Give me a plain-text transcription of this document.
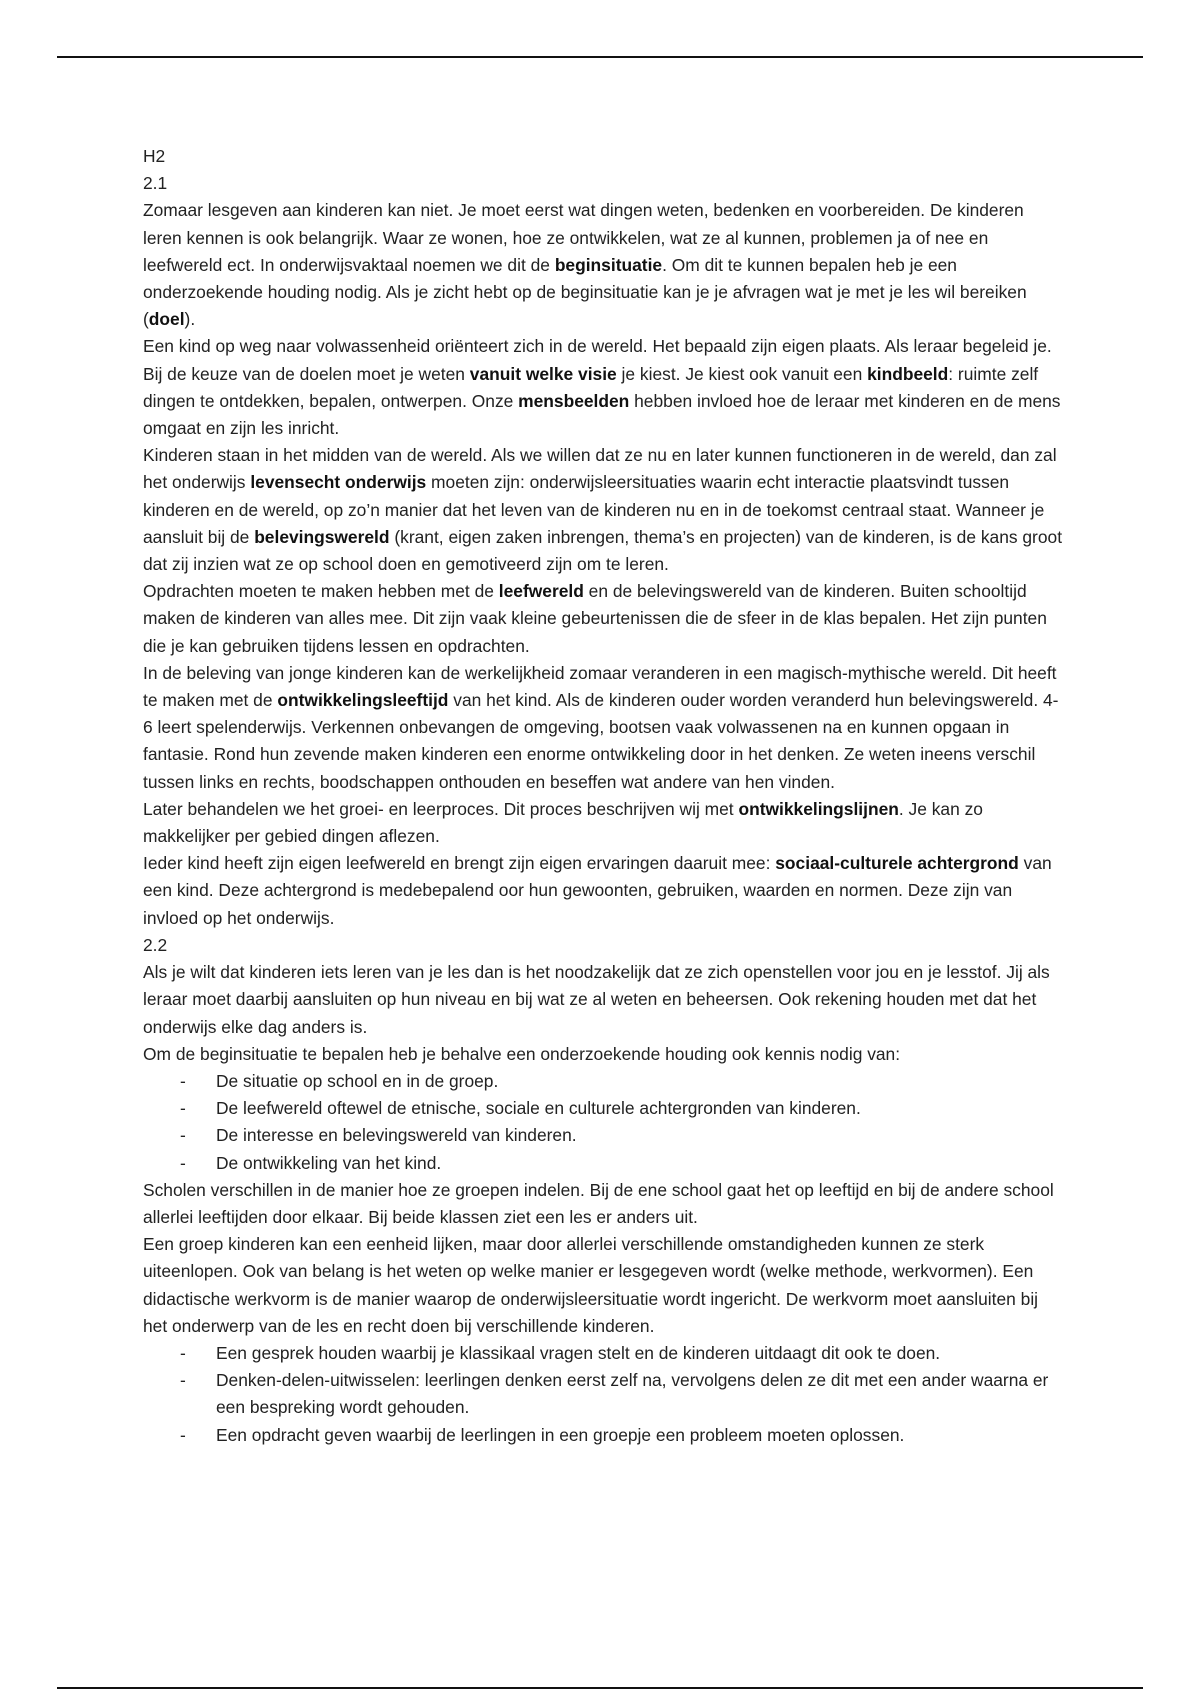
H2

2.1

Zomaar lesgeven aan kinderen kan niet. Je moet eerst wat dingen weten, bedenken en voorbereiden. De kinderen leren kennen is ook belangrijk. Waar ze wonen, hoe ze ontwikkelen, wat ze al kunnen, problemen ja of nee en leefwereld ect. In onderwijsvaktaal noemen we dit de beginsituatie. Om dit te kunnen bepalen heb je een onderzoekende houding nodig. Als je zicht hebt op de beginsituatie kan je je afvragen wat je met je les wil bereiken (doel).

Een kind op weg naar volwassenheid oriënteert zich in de wereld. Het bepaald zijn eigen plaats. Als leraar begeleid je. Bij de keuze van de doelen moet je weten vanuit welke visie je kiest. Je kiest ook vanuit een kindbeeld: ruimte zelf dingen te ontdekken, bepalen, ontwerpen. Onze mensbeelden hebben invloed hoe de leraar met kinderen en de mens omgaat en zijn les inricht.

Kinderen staan in het midden van de wereld. Als we willen dat ze nu en later kunnen functioneren in de wereld, dan zal het onderwijs levensecht onderwijs moeten zijn: onderwijsleersituaties waarin echt interactie plaatsvindt tussen kinderen en de wereld, op zo’n manier dat het leven van de kinderen nu en in de toekomst centraal staat. Wanneer je aansluit bij de belevingswereld (krant, eigen zaken inbrengen, thema’s en projecten) van de kinderen, is de kans groot dat zij inzien wat ze op school doen en gemotiveerd zijn om te leren.

Opdrachten moeten te maken hebben met de leefwereld en de belevingswereld van de kinderen. Buiten schooltijd maken de kinderen van alles mee. Dit zijn vaak kleine gebeurtenissen die de sfeer in de klas bepalen. Het zijn punten die je kan gebruiken tijdens lessen en opdrachten.

In de beleving van jonge kinderen kan de werkelijkheid zomaar veranderen in een magisch-mythische wereld. Dit heeft te maken met de ontwikkelingsleeftijd van het kind. Als de kinderen ouder worden veranderd hun belevingswereld. 4-6 leert spelenderwijs. Verkennen onbevangen de omgeving, bootsen vaak volwassenen na en kunnen opgaan in fantasie. Rond hun zevende maken kinderen een enorme ontwikkeling door in het denken. Ze weten ineens verschil tussen links en rechts, boodschappen onthouden en beseffen wat andere van hen vinden.

Later behandelen we het groei- en leerproces. Dit proces beschrijven wij met ontwikkelingslijnen. Je kan zo makkelijker per gebied dingen aflezen.

Ieder kind heeft zijn eigen leefwereld en brengt zijn eigen ervaringen daaruit mee: sociaal-culturele achtergrond van een kind. Deze achtergrond is medebepalend oor hun gewoonten, gebruiken, waarden en normen. Deze zijn van invloed op het onderwijs.

2.2

Als je wilt dat kinderen iets leren van je les dan is het noodzakelijk dat ze zich openstellen voor jou en je lesstof. Jij als leraar moet daarbij aansluiten op hun niveau en bij wat ze al weten en beheersen. Ook rekening houden met dat het onderwijs elke dag anders is.

Om de beginsituatie te bepalen heb je behalve een onderzoekende houding ook kennis nodig van:

- De situatie op school en in de groep.
- De leefwereld oftewel de etnische, sociale en culturele achtergronden van kinderen.
- De interesse en belevingswereld van kinderen.
- De ontwikkeling van het kind.

Scholen verschillen in de manier hoe ze groepen indelen. Bij de ene school gaat het op leeftijd en bij de andere school allerlei leeftijden door elkaar. Bij beide klassen ziet een les er anders uit.

Een groep kinderen kan een eenheid lijken, maar door allerlei verschillende omstandigheden kunnen ze sterk uiteenlopen. Ook van belang is het weten op welke manier er lesgegeven wordt (welke methode, werkvormen). Een didactische werkvorm is de manier waarop de onderwijsleersituatie wordt ingericht. De werkvorm moet aansluiten bij het onderwerp van de les en recht doen bij verschillende kinderen.

- Een gesprek houden waarbij je klassikaal vragen stelt en de kinderen uitdaagt dit ook te doen.
- Denken-delen-uitwisselen: leerlingen denken eerst zelf na, vervolgens delen ze dit met een ander waarna er een bespreking wordt gehouden.
- Een opdracht geven waarbij de leerlingen in een groepje een probleem moeten oplossen.
